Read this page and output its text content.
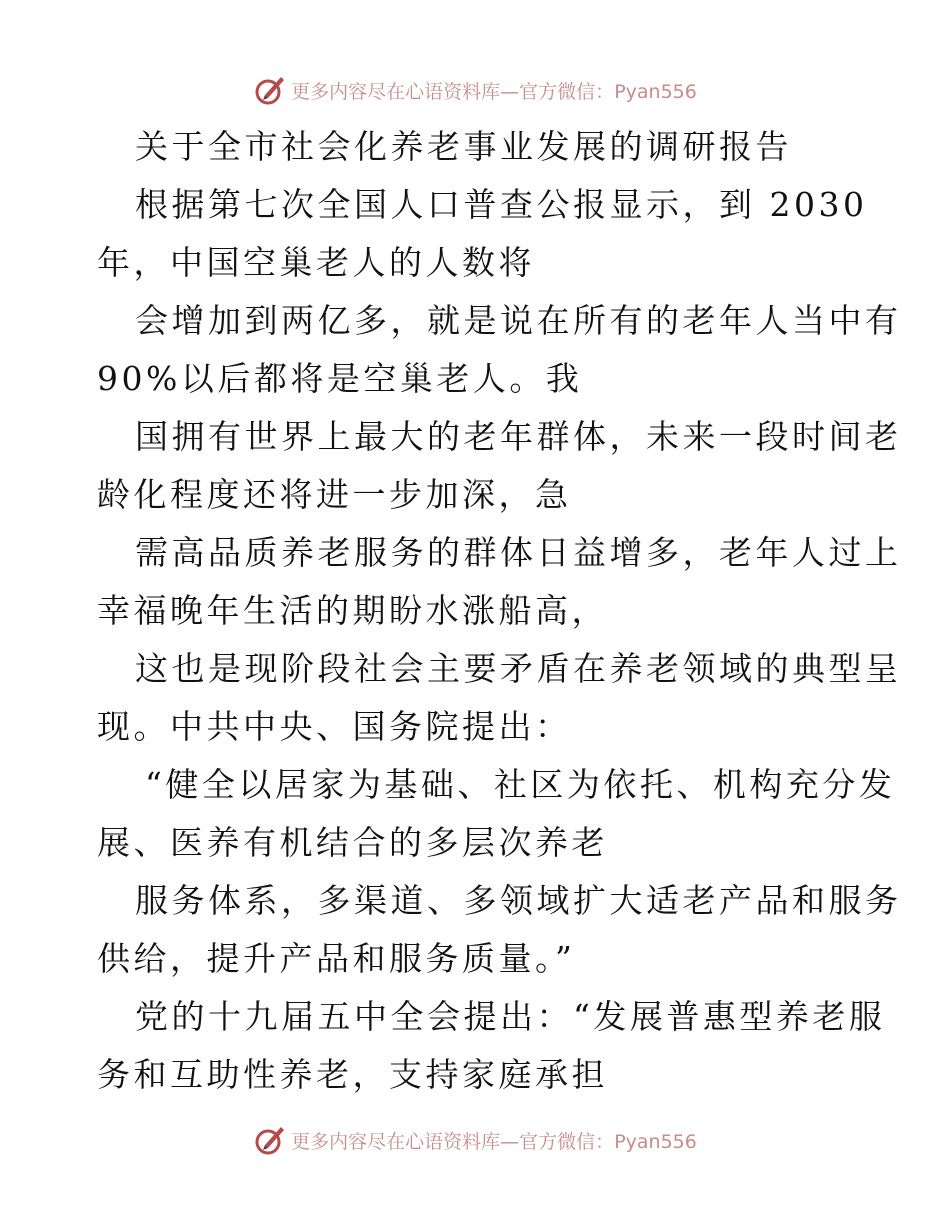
更多内容尽在心语资料库—官方微信：Pyan556
关于全市社会化养老事业发展的调研报告
根据第七次全国人口普查公报显示，到 2030
年，中国空巢老人的人数将
会增加到两亿多，就是说在所有的老年人当中有
90%以后都将是空巢老人。我
国拥有世界上最大的老年群体，未来一段时间老
龄化程度还将进一步加深，急
需高品质养老服务的群体日益增多，老年人过上
幸福晚年生活的期盼水涨船高，
这也是现阶段社会主要矛盾在养老领域的典型呈
现。中共中央、国务院提出：
“健全以居家为基础、社区为依托、机构充分发
展、医养有机结合的多层次养老
服务体系，多渠道、多领域扩大适老产品和服务
供给，提升产品和服务质量。”
党的十九届五中全会提出：“发展普惠型养老服
务和互助性养老，支持家庭承担
更多内容尽在心语资料库—官方微信：Pyan556
